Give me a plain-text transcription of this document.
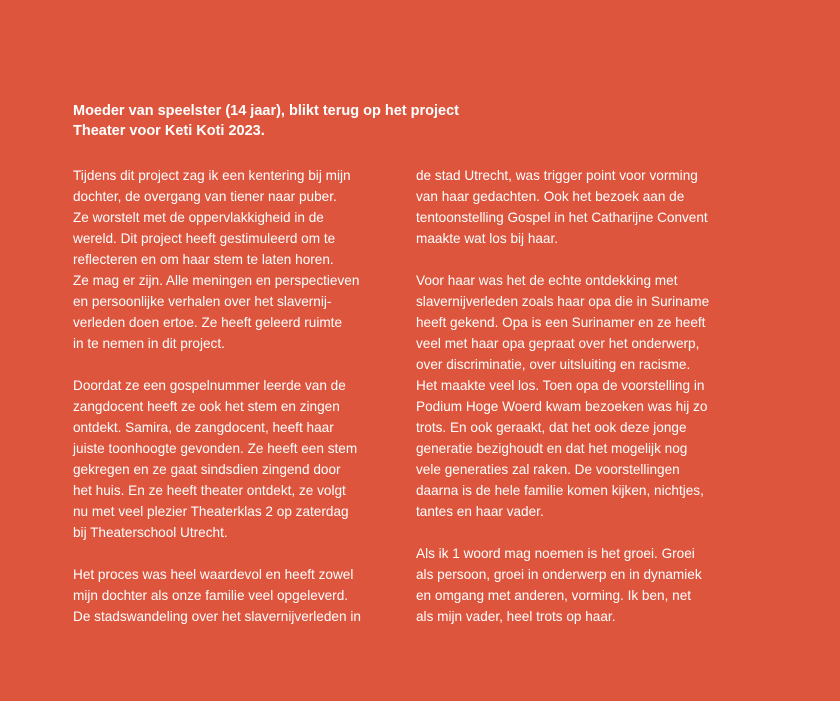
Moeder van speelster (14 jaar), blikt terug op het project
Theater voor Keti Koti 2023.

Tijdens dit project zag ik een kentering bij mijn
dochter, de overgang van tiener naar puber.
Ze worstelt met de oppervlakkigheid in de
wereld. Dit project heeft gestimuleerd om te
reflecteren en om haar stem te laten horen.
Ze mag er zijn. Alle meningen en perspectieven
en persoonlijke verhalen over het slavernij-
verleden doen ertoe. Ze heeft geleerd ruimte
in te nemen in dit project.

Doordat ze een gospelnummer leerde van de
zangdocent heeft ze ook het stem en zingen
ontdekt. Samira, de zangdocent, heeft haar
juiste toonhoogte gevonden. Ze heeft een stem
gekregen en ze gaat sindsdien zingend door
het huis. En ze heeft theater ontdekt, ze volgt
nu met veel plezier Theaterklas 2 op zaterdag
bij Theaterschool Utrecht.

Het proces was heel waardevol en heeft zowel
mijn dochter als onze familie veel opgeleverd.
De stadswandeling over het slavernijverleden in

de stad Utrecht, was trigger point voor vorming
van haar gedachten. Ook het bezoek aan de
tentoonstelling Gospel in het Catharijne Convent
maakte wat los bij haar.

Voor haar was het de echte ontdekking met
slavernijverleden zoals haar opa die in Suriname
heeft gekend. Opa is een Surinamer en ze heeft
veel met haar opa gepraat over het onderwerp,
over discriminatie, over uitsluiting en racisme.
Het maakte veel los. Toen opa de voorstelling in
Podium Hoge Woerd kwam bezoeken was hij zo
trots. En ook geraakt, dat het ook deze jonge
generatie bezighoudt en dat het mogelijk nog
vele generaties zal raken. De voorstellingen
daarna is de hele familie komen kijken, nichtjes,
tantes en haar vader.

Als ik 1 woord mag noemen is het groei. Groei
als persoon, groei in onderwerp en in dynamiek
en omgang met anderen, vorming. Ik ben, net
als mijn vader, heel trots op haar.
